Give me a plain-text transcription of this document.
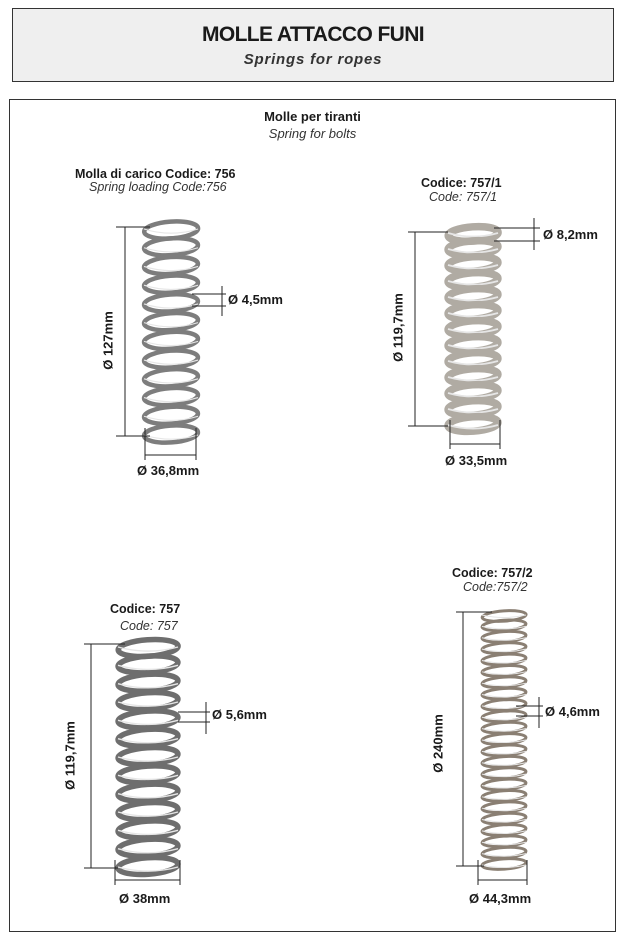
MOLLE ATTACCO FUNI
Springs for ropes
Molle per tiranti
Spring for bolts
Molla di carico Codice: 756
Spring loading Code:756
Ø 127mm
Ø 4,5mm
Ø 36,8mm
Codice: 757/1
Code: 757/1
Ø 119,7mm
Ø 8,2mm
Ø 33,5mm
Codice: 757
Code: 757
Ø 119,7mm
Ø 5,6mm
Ø 38mm
Codice: 757/2
Code:757/2
Ø 240mm
Ø 4,6mm
Ø 44,3mm
